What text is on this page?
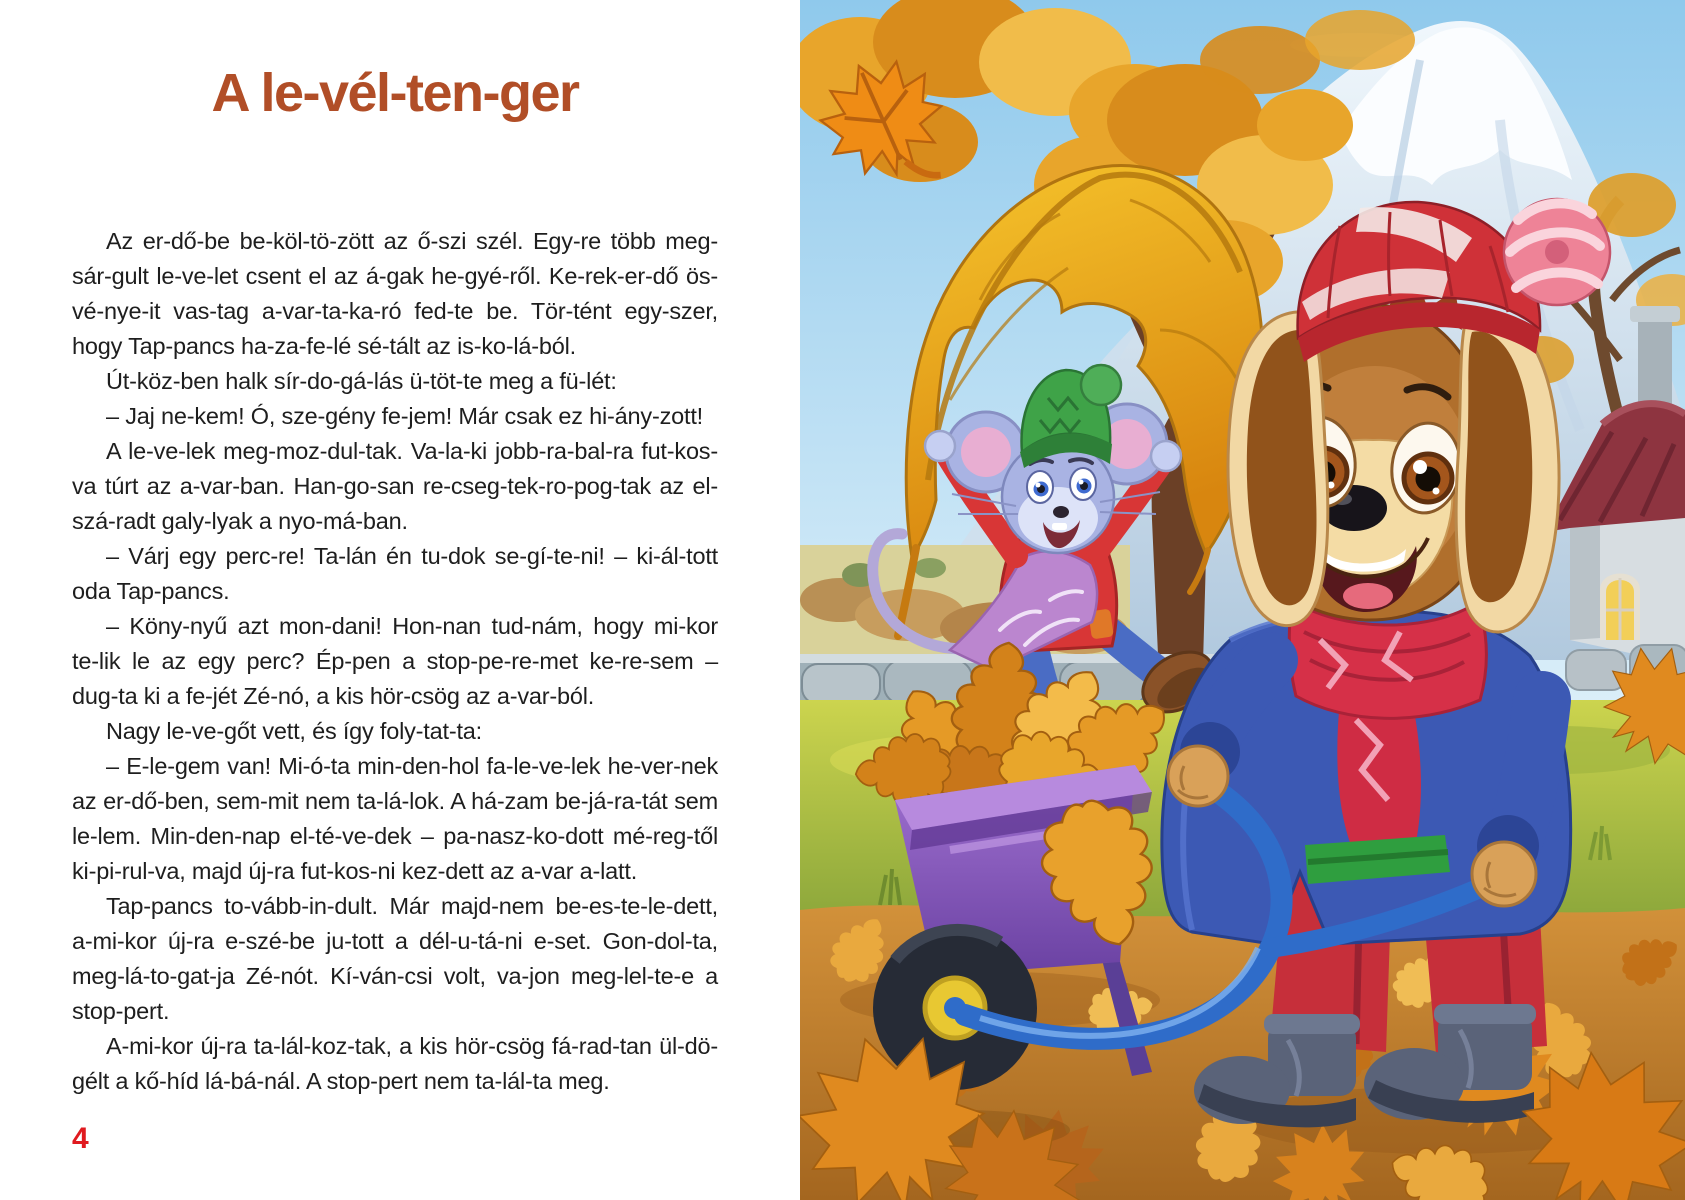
A le-vél-ten-ger

Az er-dő-be be-köl-tö-zött az ő-szi szél. Egy-re több meg-sár-gult le-ve-let csent el az á-gak he-gyé-ről. Ke-rek-er-dő ös-vé-nye-it vas-tag a-var-ta-ka-ró fed-te be. Tör-tént egy-szer, hogy Tap-pancs ha-za-fe-lé sé-tált az is-ko-lá-ból.

Út-köz-ben halk sír-do-gá-lás ü-töt-te meg a fü-lét:

– Jaj ne-kem! Ó, sze-gény fe-jem! Már csak ez hi-ány-zott!

A le-ve-lek meg-moz-dul-tak. Va-la-ki jobb-ra-bal-ra fut-kos-va túrt az a-var-ban. Han-go-san re-cseg-tek-ro-pog-tak az el-szá-radt galy-lyak a nyo-má-ban.

– Várj egy perc-re! Ta-lán én tu-dok se-gí-te-ni! – ki-ál-tott oda Tap-pancs.

– Köny-nyű azt mon-dani! Hon-nan tud-nám, hogy mi-kor te-lik le az egy perc? Ép-pen a stop-pe-re-met ke-re-sem – dug-ta ki a fe-jét Zé-nó, a kis hör-csög az a-var-ból.

Nagy le-ve-gőt vett, és így foly-tat-ta:

– E-le-gem van! Mi-ó-ta min-den-hol fa-le-ve-lek he-ver-nek az er-dő-ben, sem-mit nem ta-lá-lok. A há-zam be-já-ra-tát sem le-lem. Min-den-nap el-té-ve-dek – pa-nasz-ko-dott mé-reg-től ki-pi-rul-va, majd új-ra fut-kos-ni kez-dett az a-var a-latt.

Tap-pancs to-vább-in-dult. Már majd-nem be-es-te-le-dett, a-mi-kor új-ra e-szé-be ju-tott a dél-u-tá-ni e-set. Gon-dol-ta, meg-lá-to-gat-ja Zé-nót. Kí-ván-csi volt, va-jon meg-lel-te-e a stop-pert.

A-mi-kor új-ra ta-lál-koz-tak, a kis hör-csög fá-rad-tan ül-dö-gélt a kő-híd lá-bá-nál. A stop-pert nem ta-lál-ta meg.

4
